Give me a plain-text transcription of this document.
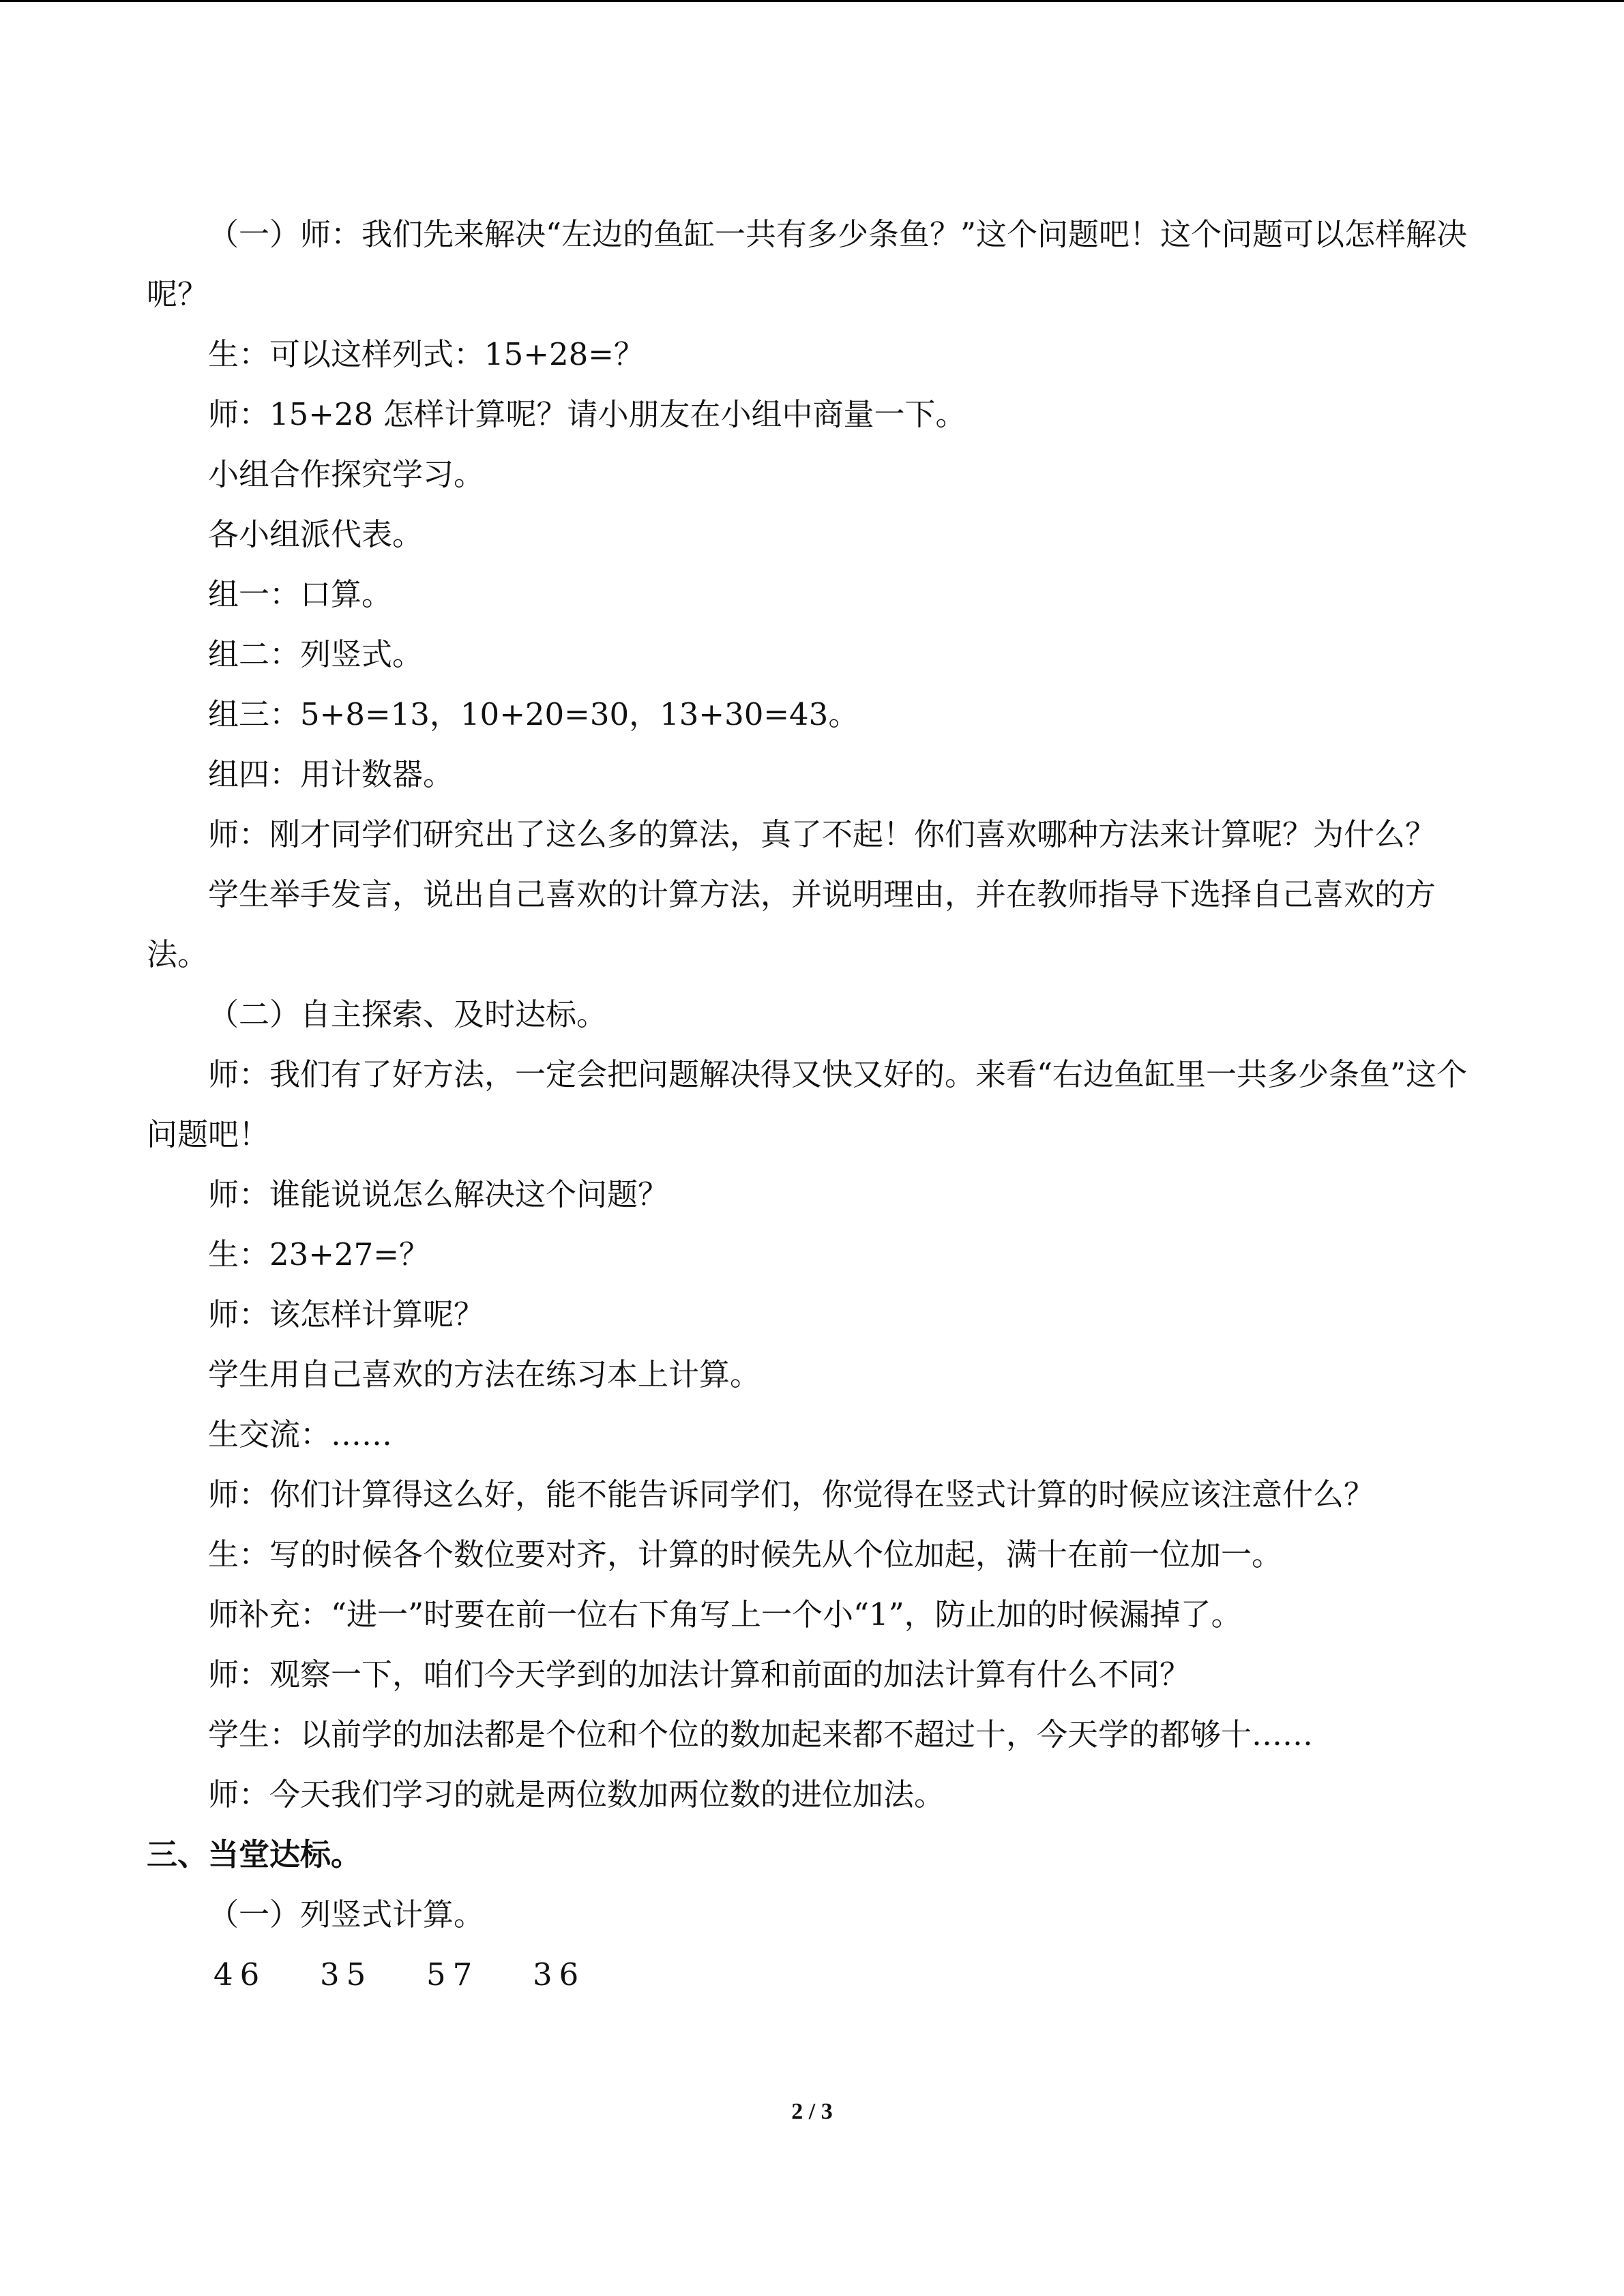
（一）师：我们先来解决“左边的鱼缸一共有多少条鱼？”这个问题吧！这个问题可以怎样解决呢？

生：可以这样列式：15+28=？

师：15+28 怎样计算呢？请小朋友在小组中商量一下。

小组合作探究学习。

各小组派代表。

组一：口算。

组二：列竖式。

组三：5+8=13，10+20=30，13+30=43。

组四：用计数器。

师：刚才同学们研究出了这么多的算法，真了不起！你们喜欢哪种方法来计算呢？为什么？

学生举手发言，说出自己喜欢的计算方法，并说明理由，并在教师指导下选择自己喜欢的方法。

（二）自主探索、及时达标。

师：我们有了好方法，一定会把问题解决得又快又好的。来看“右边鱼缸里一共多少条鱼”这个问题吧！

师：谁能说说怎么解决这个问题？

生：23+27=？

师：该怎样计算呢？

学生用自己喜欢的方法在练习本上计算。

生交流：……

师：你们计算得这么好，能不能告诉同学们，你觉得在竖式计算的时候应该注意什么？

生：写的时候各个数位要对齐，计算的时候先从个位加起，满十在前一位加一。

师补充：“进一”时要在前一位右下角写上一个小“1”，防止加的时候漏掉了。

师：观察一下，咱们今天学到的加法计算和前面的加法计算有什么不同？

学生：以前学的加法都是个位和个位的数加起来都不超过十，今天学的都够十……

师：今天我们学习的就是两位数加两位数的进位加法。

三、当堂达标。

（一）列竖式计算。

46 35 57 36

2 / 3
